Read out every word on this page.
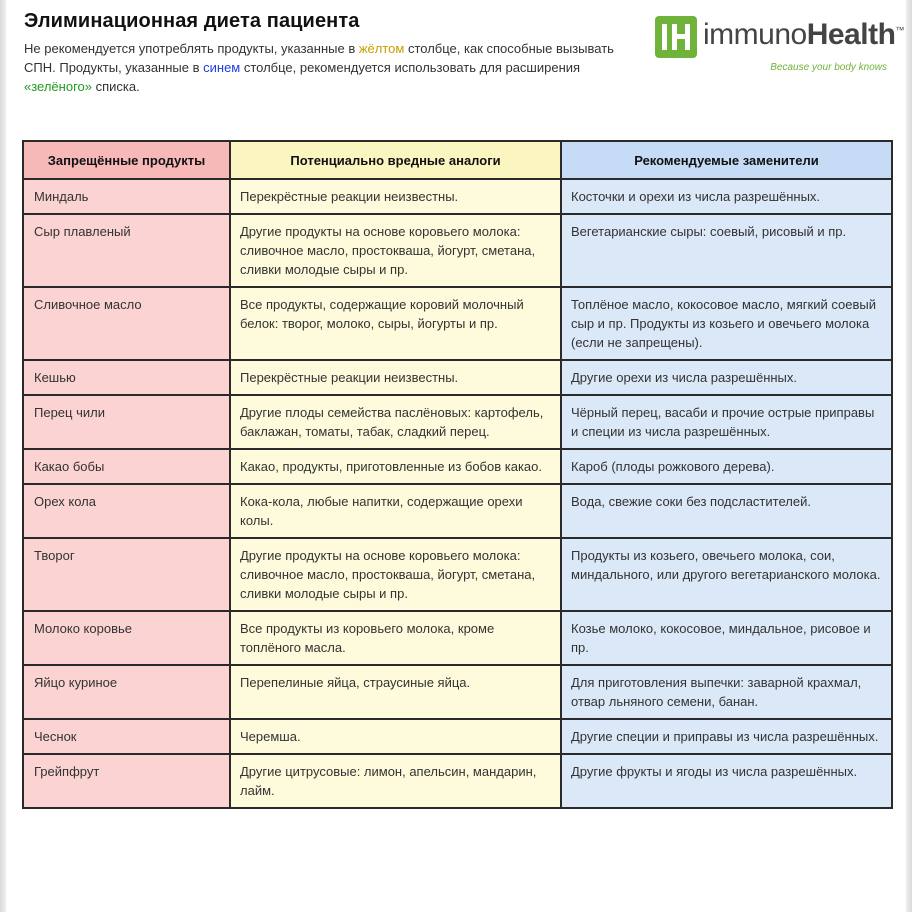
Элиминационная диета пациента
Не рекомендуется употреблять продукты, указанные в жёлтом столбце, как способные вызывать СПН. Продукты, указанные в синем столбце, рекомендуется использовать для расширения «зелёного» списка.
immunoHealth™
Because your body knows
Запрещённые продукты	Потенциально вредные аналоги	Рекомендуемые заменители
Миндаль	Перекрёстные реакции неизвестны.	Косточки и орехи из числа разрешённых.
Сыр плавленый	Другие продукты на основе коровьего молока: сливочное масло, простокваша, йогурт, сметана, сливки молодые сыры и пр.	Вегетарианские сыры: соевый, рисовый и пр.
Сливочное масло	Все продукты, содержащие коровий молочный белок: творог, молоко, сыры, йогурты и пр.	Топлёное масло, кокосовое масло, мягкий соевый сыр и пр. Продукты из козьего и овечьего молока (если не запрещены).
Кешью	Перекрёстные реакции неизвестны.	Другие орехи из числа разрешённых.
Перец чили	Другие плоды семейства паслёновых: картофель, баклажан, томаты, табак, сладкий перец.	Чёрный перец, васаби и прочие острые приправы и специи из числа разрешённых.
Какао бобы	Какао, продукты, приготовленные из бобов какао.	Кароб (плоды рожкового дерева).
Орех кола	Кока-кола, любые напитки, содержащие орехи колы.	Вода, свежие соки без подсластителей.
Творог	Другие продукты на основе коровьего молока: сливочное масло, простокваша, йогурт, сметана, сливки молодые сыры и пр.	Продукты из козьего, овечьего молока, сои, миндального, или другого вегетарианского молока.
Молоко коровье	Все продукты из коровьего молока, кроме топлёного масла.	Козье молоко, кокосовое, миндальное, рисовое и пр.
Яйцо куриное	Перепелиные яйца, страусиные яйца.	Для приготовления выпечки: заварной крахмал, отвар льняного семени, банан.
Чеснок	Черемша.	Другие специи и приправы из числа разрешённых.
Грейпфрут	Другие цитрусовые: лимон, апельсин, мандарин, лайм.	Другие фрукты и ягоды из числа разрешённых.
